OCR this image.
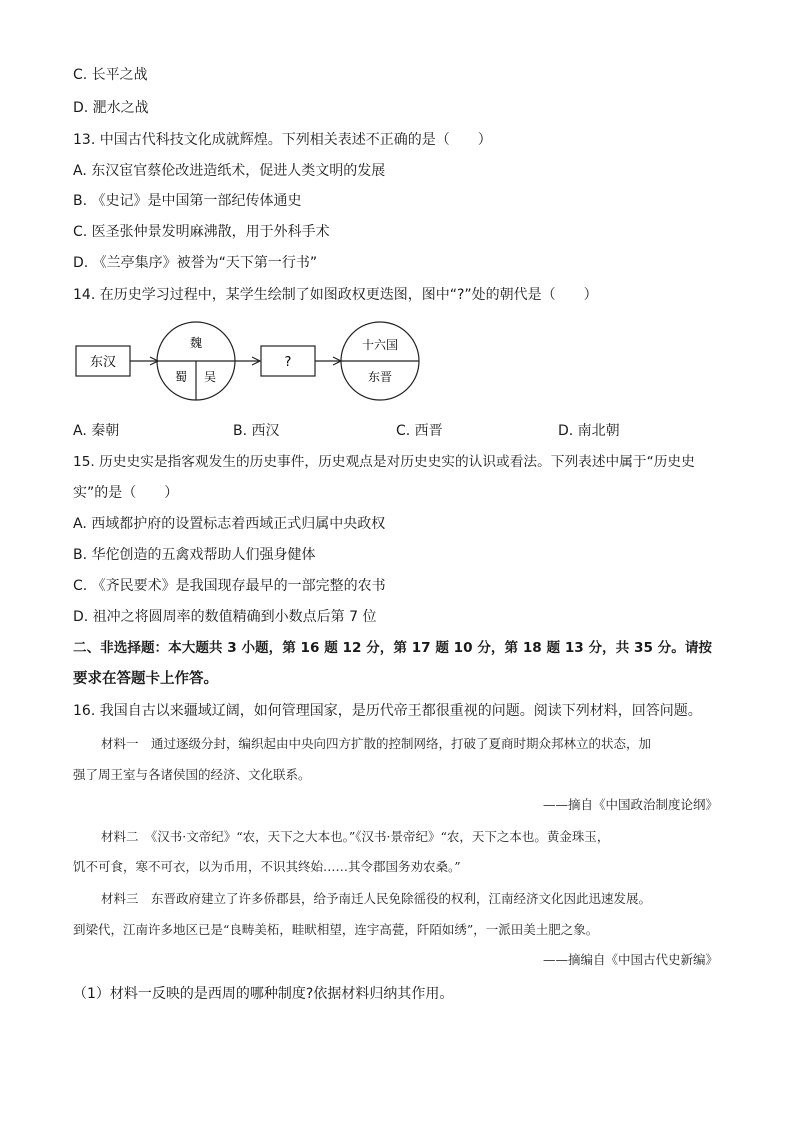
C. 长平之战
D. 淝水之战
13. 中国古代科技文化成就辉煌。下列相关表述不正确的是（　　）
A. 东汉宦官蔡伦改进造纸术，促进人类文明的发展
B. 《史记》是中国第一部纪传体通史
C. 医圣张仲景发明麻沸散，用于外科手术
D. 《兰亭集序》被誉为“天下第一行书”
14. 在历史学习过程中，某学生绘制了如图政权更迭图，图中“?”处的朝代是（　　）
东汉
魏
蜀 吴
?
十六国
东晋
A. 秦朝	B. 西汉	C. 西晋	D. 南北朝
15. 历史史实是指客观发生的历史事件，历史观点是对历史史实的认识或看法。下列表述中属于“历史史
实”的是（　　）
A. 西域都护府的设置标志着西域正式归属中央政权
B. 华佗创造的五禽戏帮助人们强身健体
C. 《齐民要术》是我国现存最早的一部完整的农书
D. 祖冲之将圆周率的数值精确到小数点后第 7 位
二、非选择题：本大题共 3 小题，第 16 题 12 分，第 17 题 10 分，第 18 题 13 分，共 35 分。请按
要求在答题卡上作答。
16. 我国自古以来疆域辽阔，如何管理国家，是历代帝王都很重视的问题。阅读下列材料，回答问题。
材料一　通过逐级分封，编织起由中央向四方扩散的控制网络，打破了夏商时期众邦林立的状态，加
强了周王室与各诸侯国的经济、文化联系。
——摘自《中国政治制度论纲》
材料二　《汉书·文帝纪》“农，天下之大本也。”《汉书·景帝纪》“农，天下之本也。黄金珠玉，
饥不可食，寒不可衣，以为币用，不识其终始……其令郡国务劝农桑。”
材料三　东晋政府建立了许多侨郡县，给予南迁人民免除徭役的权利，江南经济文化因此迅速发展。
到梁代，江南许多地区已是“良畴美柘，畦畎相望，连宇高甍，阡陌如绣”，一派田美土肥之象。
——摘编自《中国古代史新编》
（1）材料一反映的是西周的哪种制度?依据材料归纳其作用。
